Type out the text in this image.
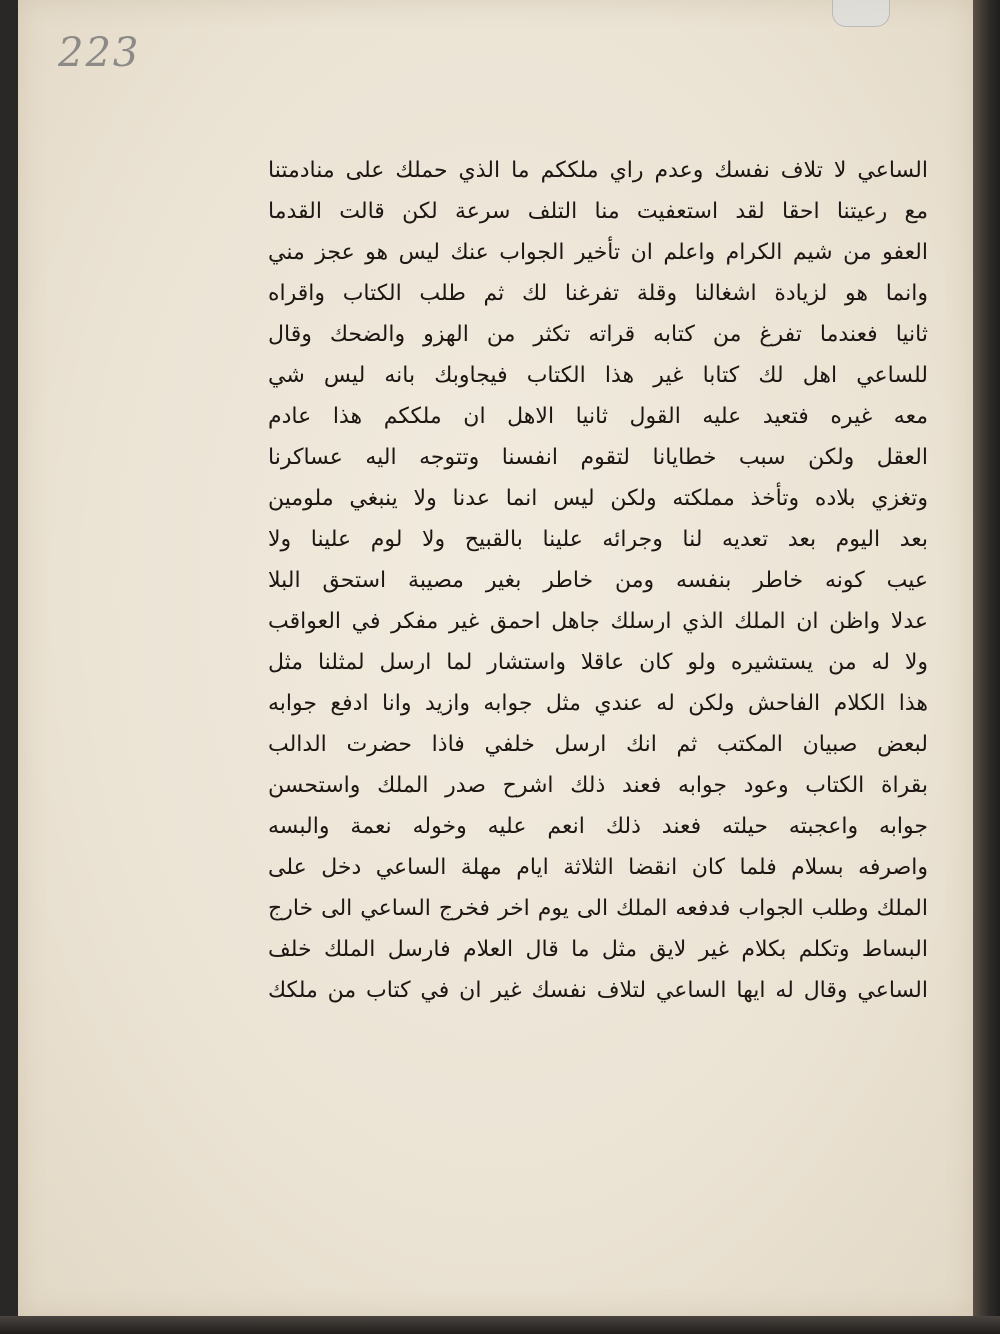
223
الساعي لا تلاف نفسك وعدم راي ملككم ما الذي حملك على منادمتنا
مع رعيتنا احقا لقد استعفيت منا التلف سرعة لكن قالت القدما
العفو من شيم الكرام واعلم ان تأخير الجواب عنك ليس هو عجز مني
وانما هو لزيادة اشغالنا وقلة تفرغنا لك ثم طلب الكتاب واقراه
ثانيا فعندما تفرغ من كتابه قراته تكثر من الهزو والضحك وقال
للساعي اهل لك كتابا غير هذا الكتاب فيجاوبك بانه ليس شي
معه غيره فتعيد عليه القول ثانيا الاهل ان ملككم هذا عادم
العقل ولكن سبب خطايانا لتقوم انفسنا وتتوجه اليه عساكرنا
وتغزي بلاده وتأخذ مملكته ولكن ليس انما عدنا ولا ينبغي ملومين
بعد اليوم بعد تعديه لنا وجرائه علينا بالقبيح ولا لوم علينا ولا
عيب كونه خاطر بنفسه ومن خاطر بغير مصيبة استحق البلا
عدلا واظن ان الملك الذي ارسلك جاهل احمق غير مفكر في العواقب
ولا له من يستشيره ولو كان عاقلا واستشار لما ارسل لمثلنا مثل
هذا الكلام الفاحش ولكن له عندي مثل جوابه وازيد وانا ادفع جوابه
لبعض صبيان المكتب ثم انك ارسل خلفي فاذا حضرت الدالب
بقراة الكتاب وعود جوابه فعند ذلك اشرح صدر الملك واستحسن
جوابه واعجبته حيلته فعند ذلك انعم عليه وخوله نعمة والبسه
واصرفه بسلام فلما كان انقضا الثلاثة ايام مهلة الساعي دخل على
الملك وطلب الجواب فدفعه الملك الى يوم اخر فخرج الساعي الى خارج
البساط وتكلم بكلام غير لايق مثل ما قال العلام فارسل الملك خلف
الساعي وقال له ايها الساعي لتلاف نفسك غير ان في كتاب من ملكك
